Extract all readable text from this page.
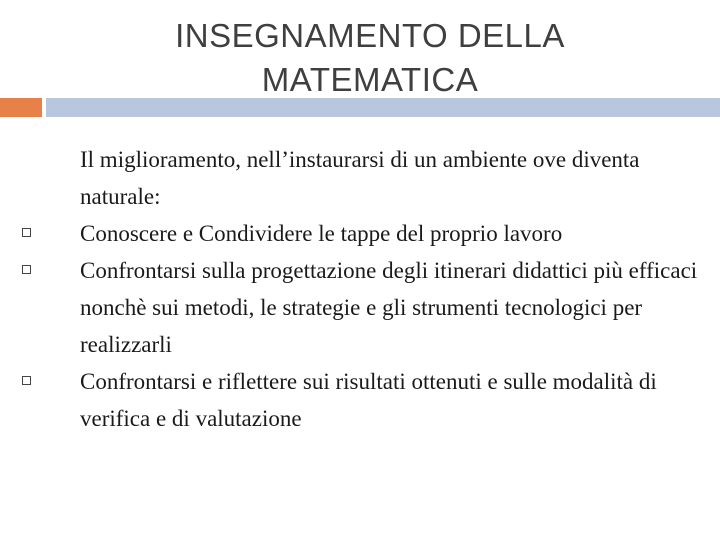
INSEGNAMENTO DELLA
MATEMATICA

Il miglioramento, nell’instaurarsi di un ambiente ove diventa naturale:

Conoscere e Condividere le tappe del proprio lavoro
Confrontarsi sulla progettazione degli itinerari didattici più efficaci nonchè sui metodi, le strategie e gli strumenti tecnologici per realizzarli
Confrontarsi e riflettere sui risultati ottenuti e sulle modalità di verifica e di valutazione
